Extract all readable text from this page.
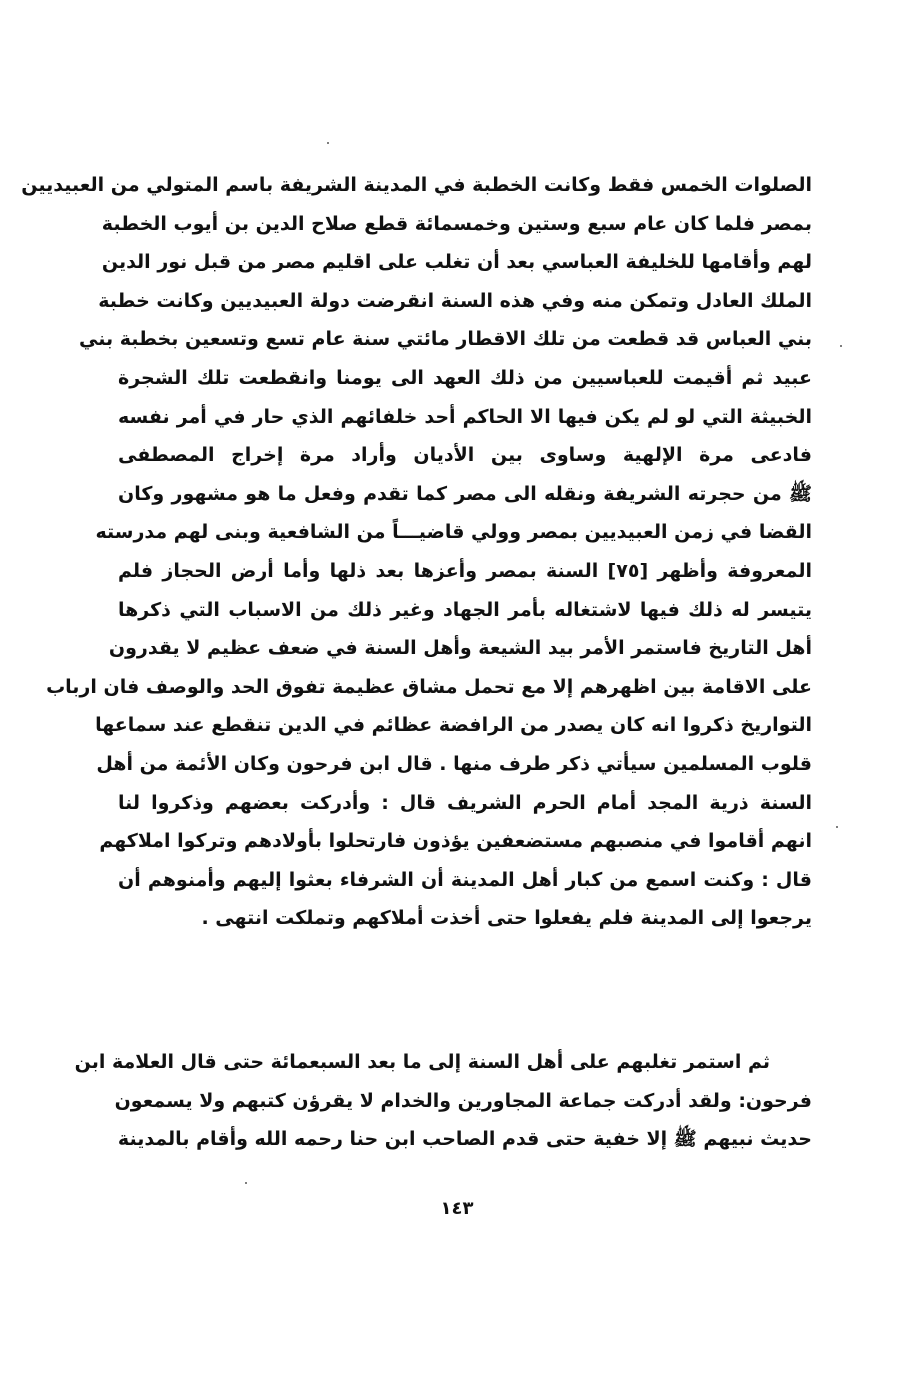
الصلوات الخمس فقط وكانت الخطبة في المدينة الشريفة باسم المتولي من العبيديين
بمصر فلما كان عام سبع وستين وخمسمائة قطع صلاح الدين بن أيوب الخطبة
لهم وأقامها للخليفة العباسي بعد أن تغلب على اقليم مصر من قبل نور الدين
الملك العادل وتمكن منه وفي هذه السنة انقرضت دولة العبيديين وكانت خطبة
بني العباس قد قطعت من تلك الاقطار مائتي سنة عام تسع وتسعين بخطبة بني
عبيد ثم أقيمت للعباسيين من ذلك العهد الى يومنا وانقطعت تلك الشجرة
الخبيثة التي لو لم يكن فيها الا الحاكم أحد خلفائهم الذي حار في أمر نفسه
فادعى مرة الإلهية وساوى بين الأديان وأراد مرة إخراج المصطفى
ﷺ من حجرته الشريفة ونقله الى مصر كما تقدم وفعل ما هو مشهور وكان
القضا في زمن العبيديين بمصر وولي قاضيـــاً من الشافعية وبنى لهم مدرسته
المعروفة وأظهر [٧٥] السنة بمصر وأعزها بعد ذلها وأما أرض الحجاز فلم
يتيسر له ذلك فيها لاشتغاله بأمر الجهاد وغير ذلك من الاسباب التي ذكرها
أهل التاريخ فاستمر الأمر بيد الشيعة وأهل السنة في ضعف عظيم لا يقدرون
على الاقامة بين اظهرهم إلا مع تحمل مشاق عظيمة تفوق الحد والوصف فان ارباب
التواريخ ذكروا انه كان يصدر من الرافضة عظائم في الدين تنقطع عند سماعها
قلوب المسلمين سيأتي ذكر طرف منها . قال ابن فرحون وكان الأئمة من أهل
السنة ذرية المجد أمام الحرم الشريف قال : وأدركت بعضهم وذكروا لنا
انهم أقاموا في منصبهم مستضعفين يؤذون فارتحلوا بأولادهم وتركوا املاكهم
قال : وكنت اسمع من كبار أهل المدينة أن الشرفاء بعثوا إليهم وأمنوهم أن
يرجعوا إلى المدينة فلم يفعلوا حتى أخذت أملاكهم وتملكت انتهى .
ثم استمر تغلبهم على أهل السنة إلى ما بعد السبعمائة حتى قال العلامة ابن
فرحون: ولقد أدركت جماعة المجاورين والخدام لا يقرؤن كتبهم ولا يسمعون
حديث نبيهم ﷺ إلا خفية حتى قدم الصاحب ابن حنا رحمه الله وأقام بالمدينة
١٤٣
